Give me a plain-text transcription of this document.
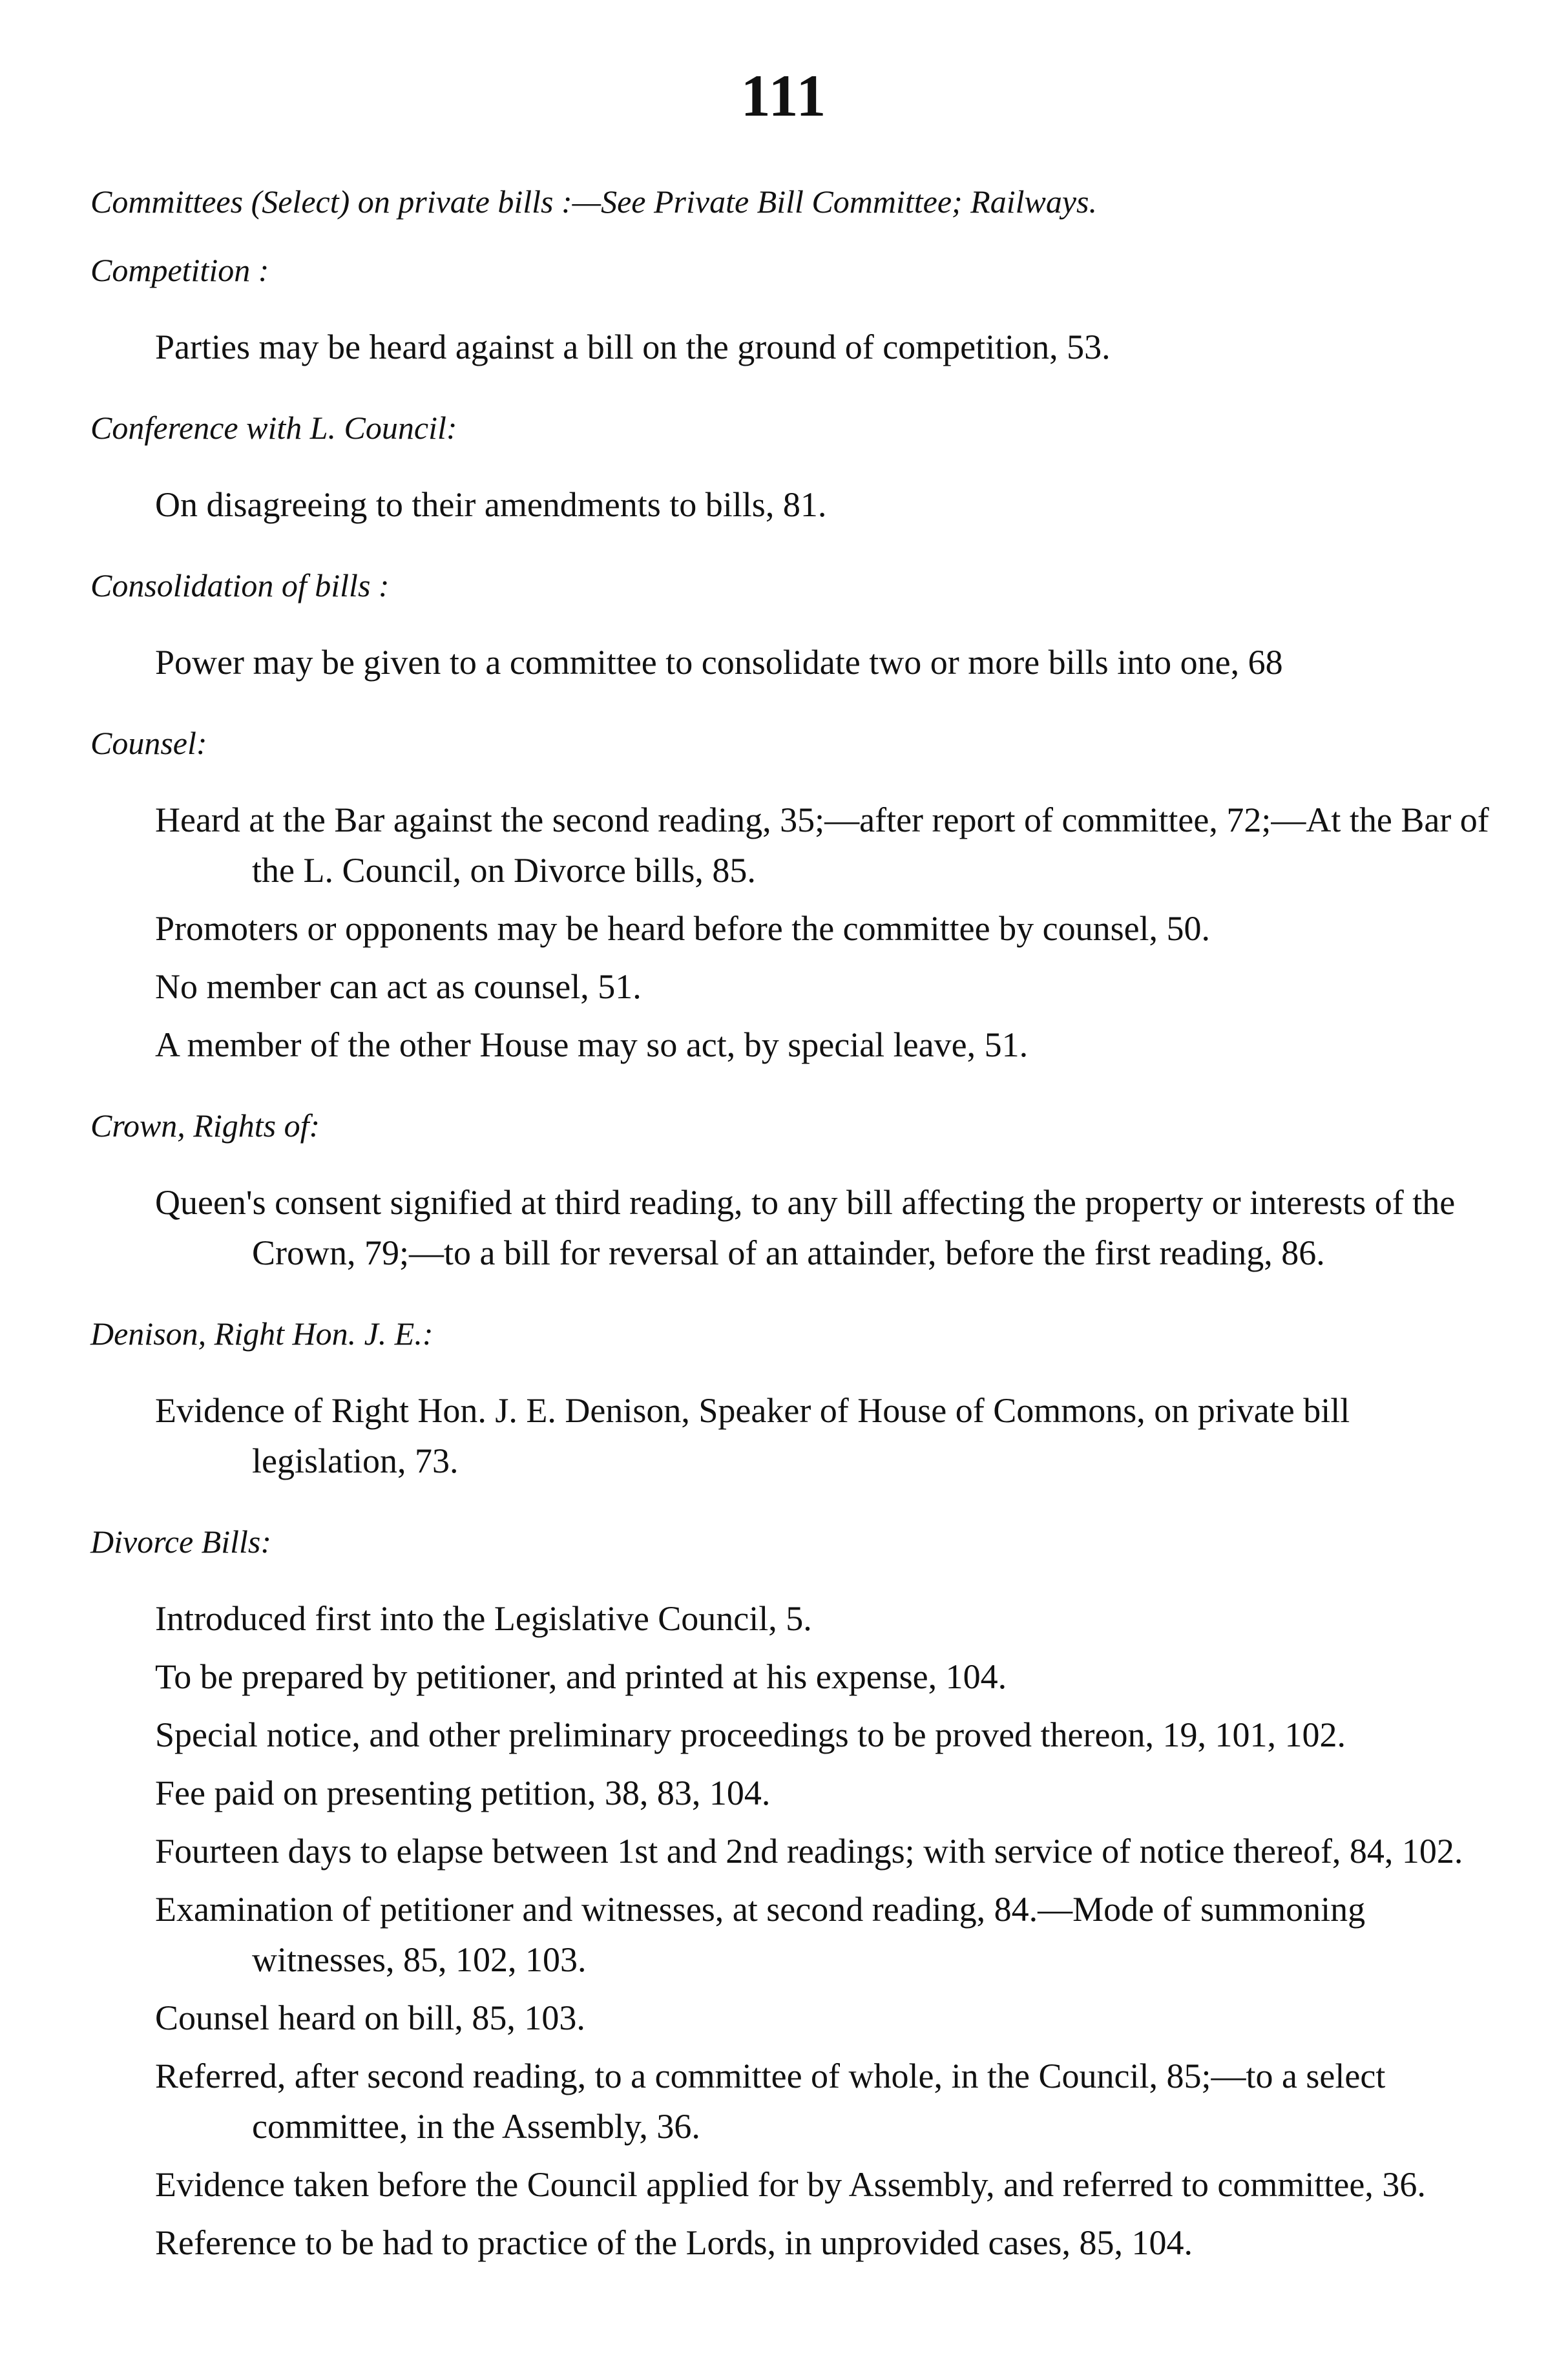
111

Committees (Select) on private bills :—See Private Bill Committee; Railways.

Competition :

Parties may be heard against a bill on the ground of competition, 53.

Conference with L. Council:

On disagreeing to their amendments to bills, 81.

Consolidation of bills :

Power may be given to a committee to consolidate two or more bills into one, 68

Counsel:

Heard at the Bar against the second reading, 35;—after report of committee, 72;—At the Bar of the L. Council, on Divorce bills, 85.

Promoters or opponents may be heard before the committee by counsel, 50.

No member can act as counsel, 51.

A member of the other House may so act, by special leave, 51.

Crown, Rights of:

Queen's consent signified at third reading, to any bill affecting the property or interests of the Crown, 79;—to a bill for reversal of an attainder, before the first reading, 86.

Denison, Right Hon. J. E.:

Evidence of Right Hon. J. E. Denison, Speaker of House of Commons, on private bill legislation, 73.

Divorce Bills:

Introduced first into the Legislative Council, 5.

To be prepared by petitioner, and printed at his expense, 104.

Special notice, and other preliminary proceedings to be proved thereon, 19, 101, 102.

Fee paid on presenting petition, 38, 83, 104.

Fourteen days to elapse between 1st and 2nd readings; with service of notice thereof, 84, 102.

Examination of petitioner and witnesses, at second reading, 84.—Mode of summoning witnesses, 85, 102, 103.

Counsel heard on bill, 85, 103.

Referred, after second reading, to a committee of whole, in the Council, 85;—to a select committee, in the Assembly, 36.

Evidence taken before the Council applied for by Assembly, and referred to committee, 36.

Reference to be had to practice of the Lords, in unprovided cases, 85, 104.
